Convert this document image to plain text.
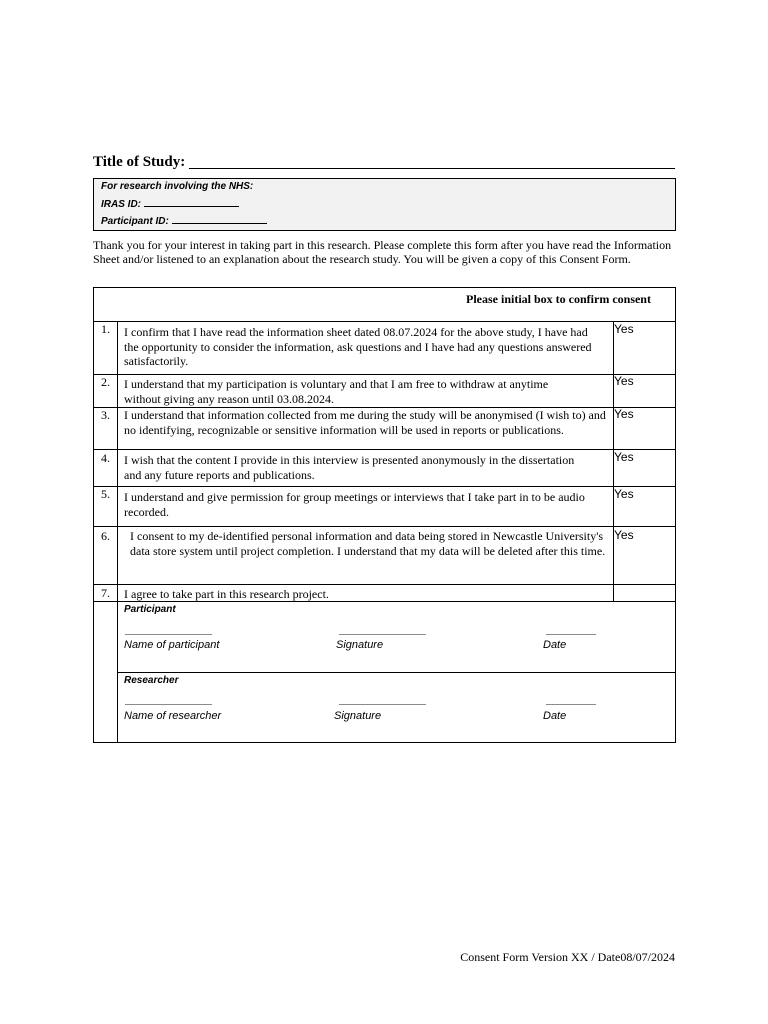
Title of Study:
For research involving the NHS:
IRAS ID:
Participant ID:
Thank you for your interest in taking part in this research. Please complete this form after you have read the Information Sheet and/or listened to an explanation about the research study. You will be given a copy of this Consent Form.
Please initial box to confirm consent
1. I confirm that I have read the information sheet dated 08.07.2024 for the above study, I have had the opportunity to consider the information, ask questions and I have had any questions answered satisfactorily.
Yes
2. I understand that my participation is voluntary and that I am free to withdraw at anytime without giving any reason until 03.08.2024.
Yes
3. I understand that information collected from me during the study will be anonymised (I wish to) and no identifying, recognizable or sensitive information will be used in reports or publications.
Yes
4. I wish that the content I provide in this interview is presented anonymously in the dissertation and any future reports and publications.
Yes
5. I understand and give permission for group meetings or interviews that I take part in to be audio recorded.
Yes
6. I consent to my de-identified personal information and data being stored in Newcastle University's data store system until project completion. I understand that my data will be deleted after this time.
Yes
7. I agree to take part in this research project.
Participant
______________	______________	________
Name of participant	Signature	Date
Researcher
______________	______________	________
Name of researcher	Signature	Date
Consent Form Version XX / Date08/07/2024
